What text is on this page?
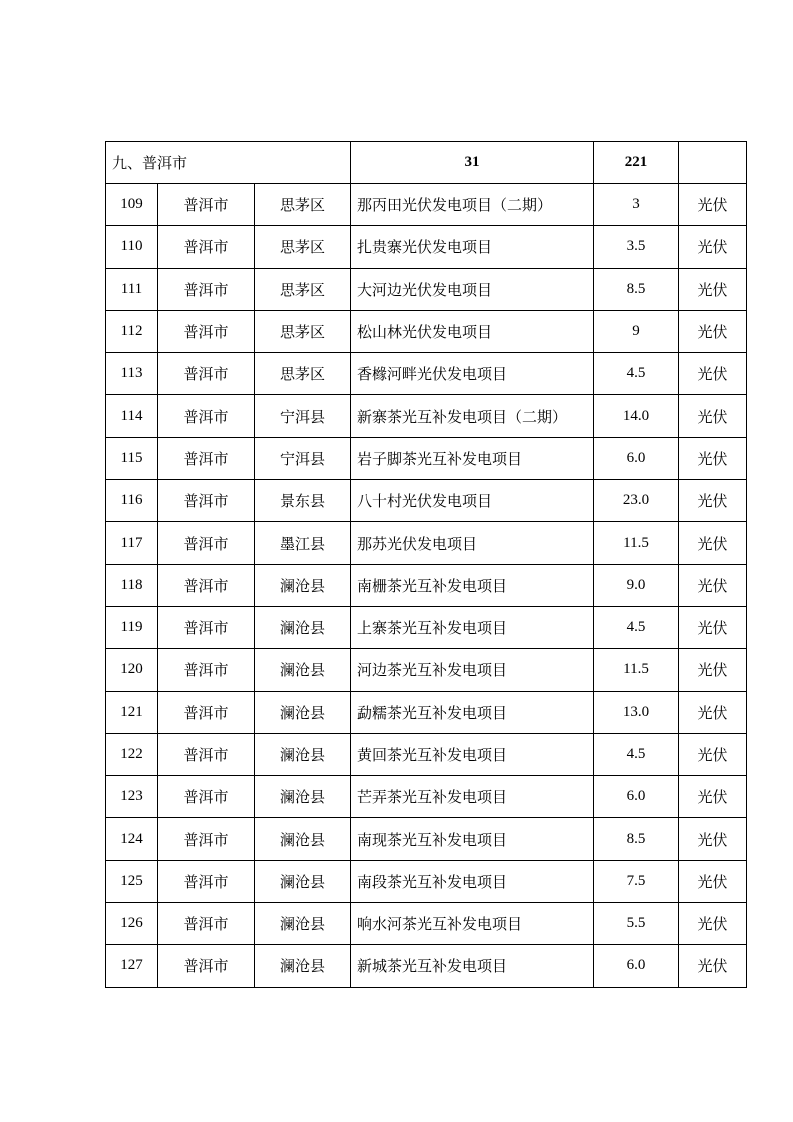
九、普洱市			31	221	
109	普洱市	思茅区	那丙田光伏发电项目（二期）	3	光伏
110	普洱市	思茅区	扎贵寨光伏发电项目	3.5	光伏
111	普洱市	思茅区	大河边光伏发电项目	8.5	光伏
112	普洱市	思茅区	松山林光伏发电项目	9	光伏
113	普洱市	思茅区	香橼河畔光伏发电项目	4.5	光伏
114	普洱市	宁洱县	新寨茶光互补发电项目（二期）	14.0	光伏
115	普洱市	宁洱县	岩子脚茶光互补发电项目	6.0	光伏
116	普洱市	景东县	八十村光伏发电项目	23.0	光伏
117	普洱市	墨江县	那苏光伏发电项目	11.5	光伏
118	普洱市	澜沧县	南栅茶光互补发电项目	9.0	光伏
119	普洱市	澜沧县	上寨茶光互补发电项目	4.5	光伏
120	普洱市	澜沧县	河边茶光互补发电项目	11.5	光伏
121	普洱市	澜沧县	勐糯茶光互补发电项目	13.0	光伏
122	普洱市	澜沧县	黄回茶光互补发电项目	4.5	光伏
123	普洱市	澜沧县	芒弄茶光互补发电项目	6.0	光伏
124	普洱市	澜沧县	南现茶光互补发电项目	8.5	光伏
125	普洱市	澜沧县	南段茶光互补发电项目	7.5	光伏
126	普洱市	澜沧县	响水河茶光互补发电项目	5.5	光伏
127	普洱市	澜沧县	新城茶光互补发电项目	6.0	光伏
